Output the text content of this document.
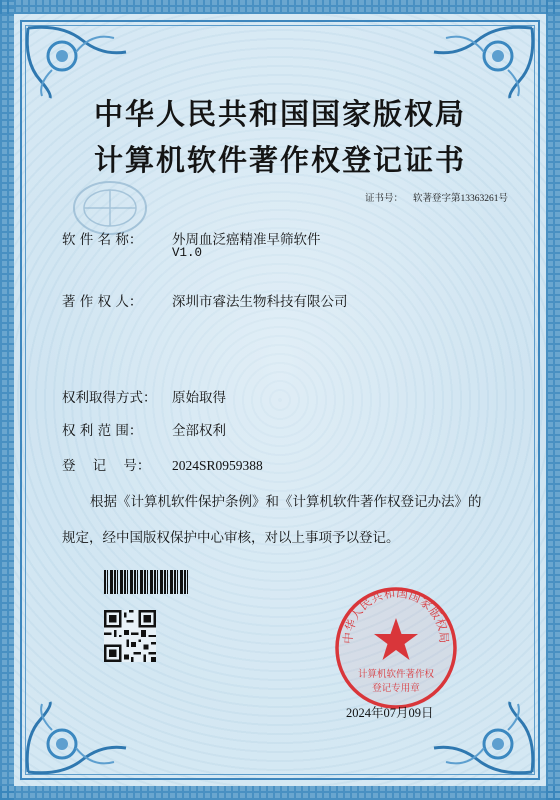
中华人民共和国国家版权局
计算机软件著作权登记证书
证书号： 软著登字第13363261号
软 件 名 称： 外周血泛癌精准早筛软件
V1.0
著 作 权 人： 深圳市睿法生物科技有限公司
权利取得方式： 原始取得
权 利 范 围： 全部权利
登    记    号： 2024SR0959388
根据《计算机软件保护条例》和《计算机软件著作权登记办法》的
规定，经中国版权保护中心审核，对以上事项予以登记。
中华人民共和国国家版权局
计算机软件著作权
登记专用章
2024年07月09日
